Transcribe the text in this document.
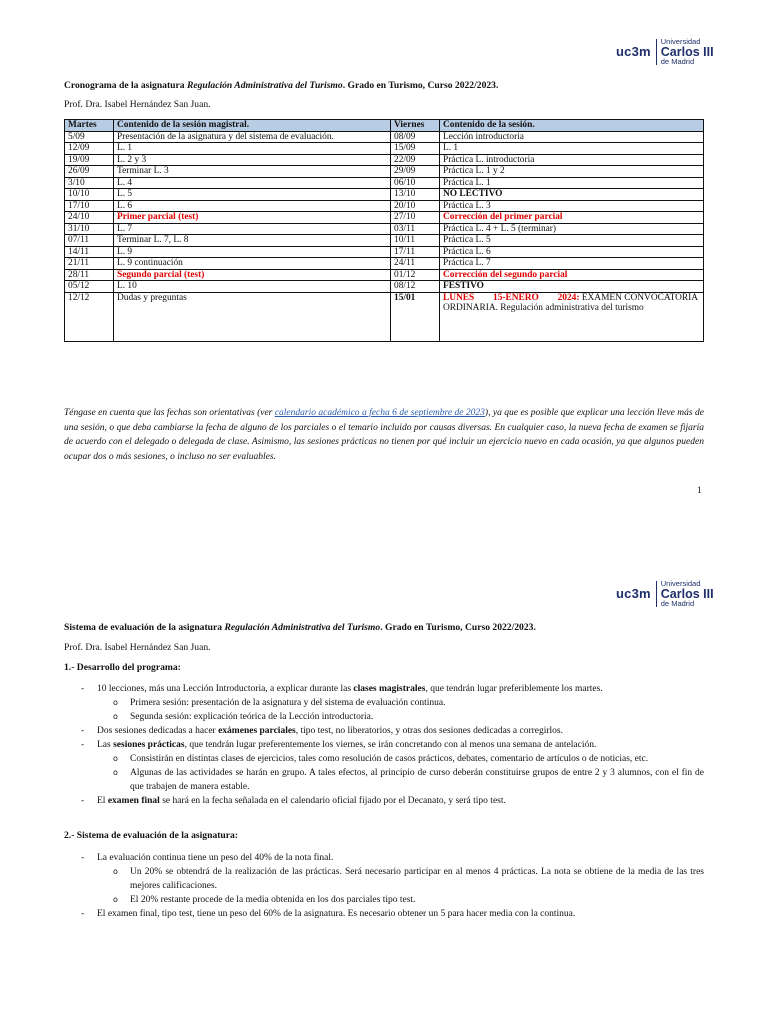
uc3m
Universidad
Carlos III
de Madrid
Cronograma de la asignatura Regulación Administrativa del Turismo. Grado en Turismo, Curso 2022/2023.
Prof. Dra. Isabel Hernández San Juan.
Martes	Contenido de la sesión magistral.	Viernes	Contenido de la sesión.
5/09	Presentación de la asignatura y del sistema de evaluación.	08/09	Lección introductoria
12/09	L. 1	15/09	L. 1
19/09	L. 2 y 3	22/09	Práctica L. introductoria
26/09	Terminar L. 3	29/09	Práctica L. 1 y 2
3/10	L. 4	06/10	Práctica L. 1
10/10	L. 5	13/10	NO LECTIVO
17/10	L. 6	20/10	Práctica L. 3
24/10	Primer parcial (test)	27/10	Corrección del primer parcial
31/10	L. 7	03/11	Práctica L. 4 + L. 5 (terminar)
07/11	Terminar L. 7, L. 8	10/11	Práctica L. 5
14/11	L. 9	17/11	Práctica L. 6
21/11	L. 9 continuación	24/11	Práctica L. 7
28/11	Segundo parcial (test)	01/12	Corrección del segundo parcial
05/12	L. 10	08/12	FESTIVO
12/12	Dudas y preguntas	15/01	LUNES        15-ENERO        2024: EXAMEN CONVOCATORIA ORDINARIA. Regulación administrativa del turismo
Téngase en cuenta que las fechas son orientativas (ver calendario académico a fecha 6 de septiembre de 2023), ya que es posible que explicar una lección lleve más de una sesión, o que deba cambiarse la fecha de alguno de los parciales o el temario incluido por causas diversas. En cualquier caso, la nueva fecha de examen se fijaría de acuerdo con el delegado o delegada de clase. Asimismo, las sesiones prácticas no tienen por qué incluir un ejercicio nuevo en cada ocasión, ya que algunos pueden ocupar dos o más sesiones, o incluso no ser evaluables.
1
uc3m
Universidad
Carlos III
de Madrid
Sistema de evaluación de la asignatura Regulación Administrativa del Turismo. Grado en Turismo, Curso 2022/2023.
Prof. Dra. Isabel Hernández San Juan.
1.- Desarrollo del programa:
- 10 lecciones, más una Lección Introductoria, a explicar durante las clases magistrales, que tendrán lugar preferiblemente los martes.
o Primera sesión: presentación de la asignatura y del sistema de evaluación continua.
o Segunda sesión: explicación teórica de la Lección introductoria.
- Dos sesiones dedicadas a hacer exámenes parciales, tipo test, no liberatorios, y otras dos sesiones dedicadas a corregirlos.
- Las sesiones prácticas, que tendrán lugar preferentemente los viernes, se irán concretando con al menos una semana de antelación.
o Consistirán en distintas clases de ejercicios, tales como resolución de casos prácticos, debates, comentario de artículos o de noticias, etc.
o Algunas de las actividades se harán en grupo. A tales efectos, al principio de curso deberán constituirse grupos de entre 2 y 3 alumnos, con el fin de que trabajen de manera estable.
- El examen final se hará en la fecha señalada en el calendario oficial fijado por el Decanato, y será tipo test.
2.- Sistema de evaluación de la asignatura:
- La evaluación continua tiene un peso del 40% de la nota final.
o Un 20% se obtendrá de la realización de las prácticas. Será necesario participar en al menos 4 prácticas. La nota se obtiene de la media de las tres mejores calificaciones.
o El 20% restante procede de la media obtenida en los dos parciales tipo test.
- El examen final, tipo test, tiene un peso del 60% de la asignatura. Es necesario obtener un 5 para hacer media con la continua.
